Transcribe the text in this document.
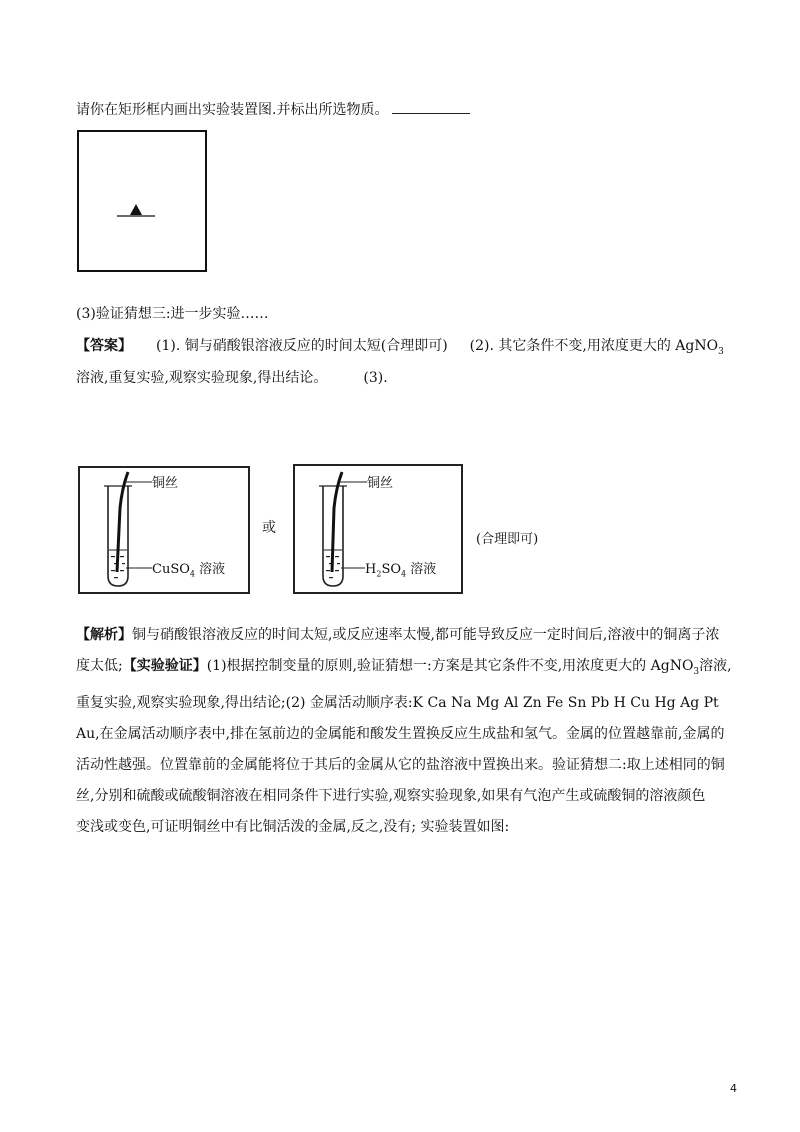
请你在矩形框内画出实验装置图.并标出所选物质。
(3)验证猜想三:进一步实验……
【答案】 (1). 铜与硝酸银溶液反应的时间太短(合理即可) (2). 其它条件不变,用浓度更大的 AgNO$_3$
溶液,重复实验,观察实验现象,得出结论。	(3).
铜丝
CuSO$_4$ 溶液
或
铜丝
$H_2SO_4$ 溶液
(合理即可)
【解析】铜与硝酸银溶液反应的时间太短,或反应速率太慢,都可能导致反应一定时间后,溶液中的铜离子浓
度太低;【实验验证】(1)根据控制变量的原则,验证猜想一:方案是其它条件不变,用浓度更大的 AgNO$_3$溶液,
重复实验,观察实验现象,得出结论;(2) 金属活动顺序表:K Ca Na Mg Al Zn Fe Sn Pb H Cu Hg Ag Pt
Au,在金属活动顺序表中,排在氢前边的金属能和酸发生置换反应生成盐和氢气。金属的位置越靠前,金属的
活动性越强。位置靠前的金属能将位于其后的金属从它的盐溶液中置换出来。验证猜想二:取上述相同的铜
丝,分别和硫酸或硫酸铜溶液在相同条件下进行实验,观察实验现象,如果有气泡产生或硫酸铜的溶液颜色
变浅或变色,可证明铜丝中有比铜活泼的金属,反之,没有; 实验装置如图:
4
